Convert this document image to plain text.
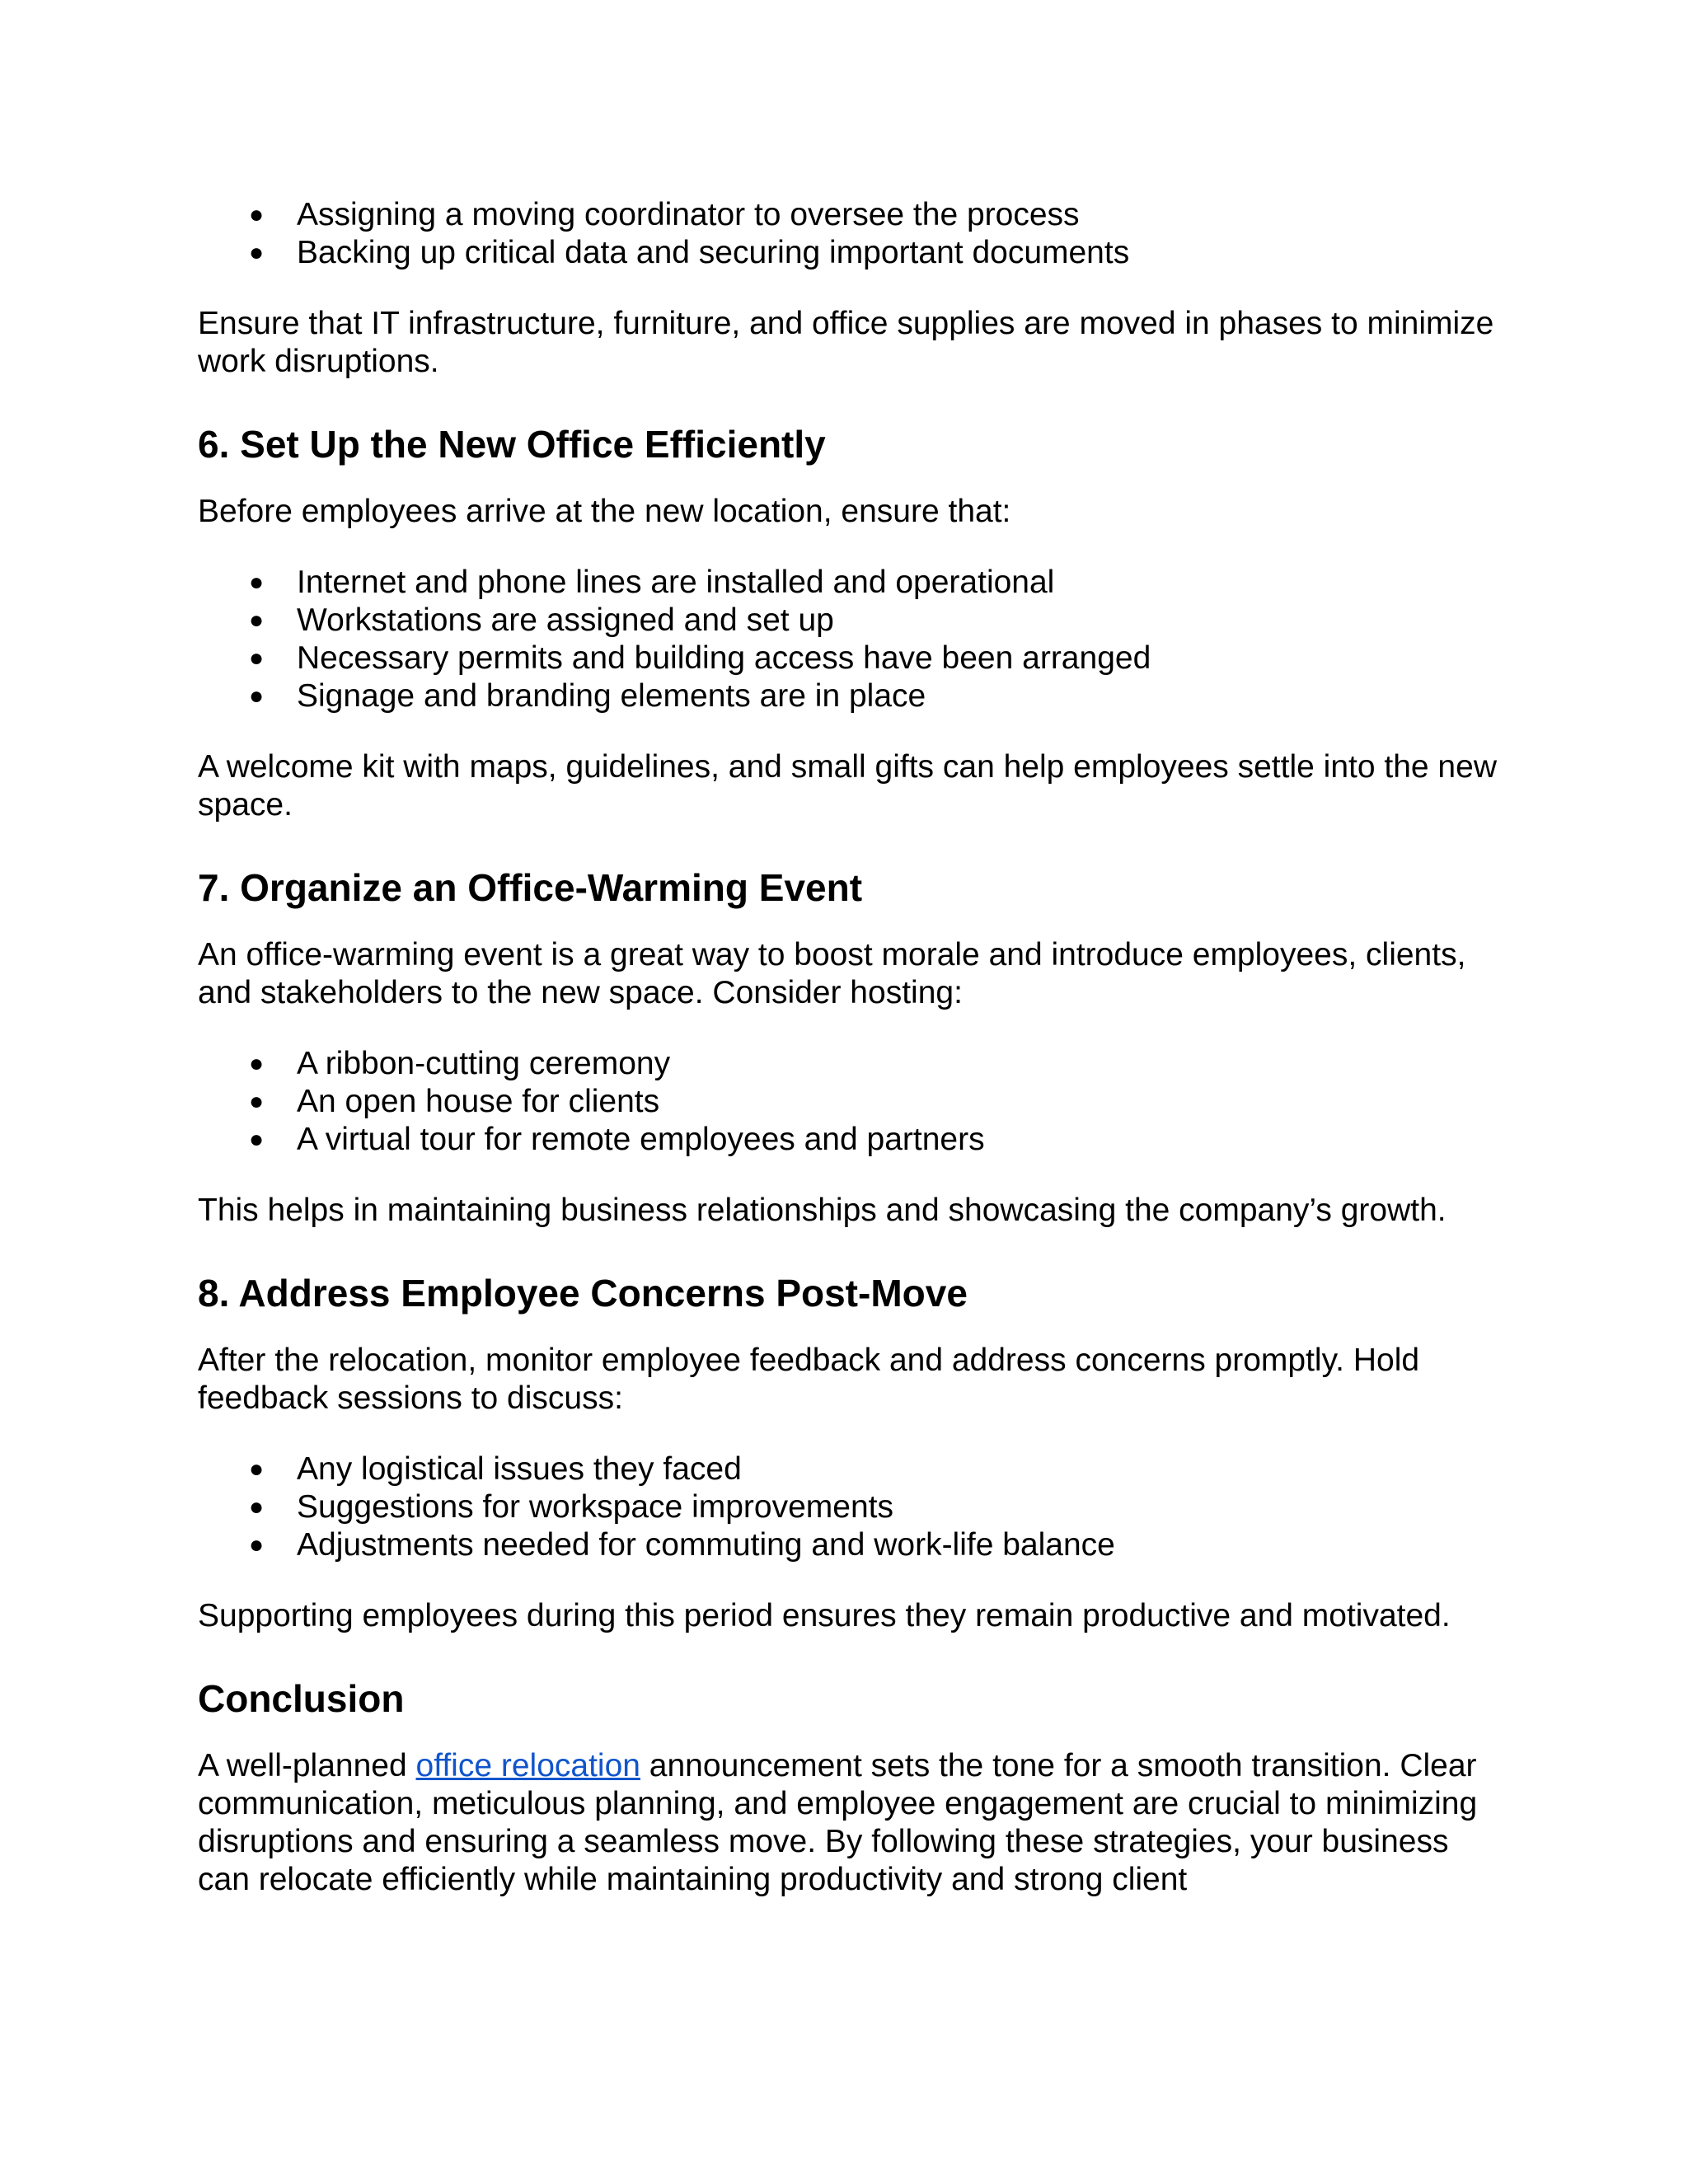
● Assigning a moving coordinator to oversee the process
● Backing up critical data and securing important documents

Ensure that IT infrastructure, furniture, and office supplies are moved in phases to minimize work disruptions.

6. Set Up the New Office Efficiently

Before employees arrive at the new location, ensure that:

● Internet and phone lines are installed and operational
● Workstations are assigned and set up
● Necessary permits and building access have been arranged
● Signage and branding elements are in place

A welcome kit with maps, guidelines, and small gifts can help employees settle into the new space.

7. Organize an Office-Warming Event

An office-warming event is a great way to boost morale and introduce employees, clients, and stakeholders to the new space. Consider hosting:

● A ribbon-cutting ceremony
● An open house for clients
● A virtual tour for remote employees and partners

This helps in maintaining business relationships and showcasing the company’s growth.

8. Address Employee Concerns Post-Move

After the relocation, monitor employee feedback and address concerns promptly. Hold feedback sessions to discuss:

● Any logistical issues they faced
● Suggestions for workspace improvements
● Adjustments needed for commuting and work-life balance

Supporting employees during this period ensures they remain productive and motivated.

Conclusion

A well-planned office relocation announcement sets the tone for a smooth transition. Clear communication, meticulous planning, and employee engagement are crucial to minimizing disruptions and ensuring a seamless move. By following these strategies, your business can relocate efficiently while maintaining productivity and strong client
